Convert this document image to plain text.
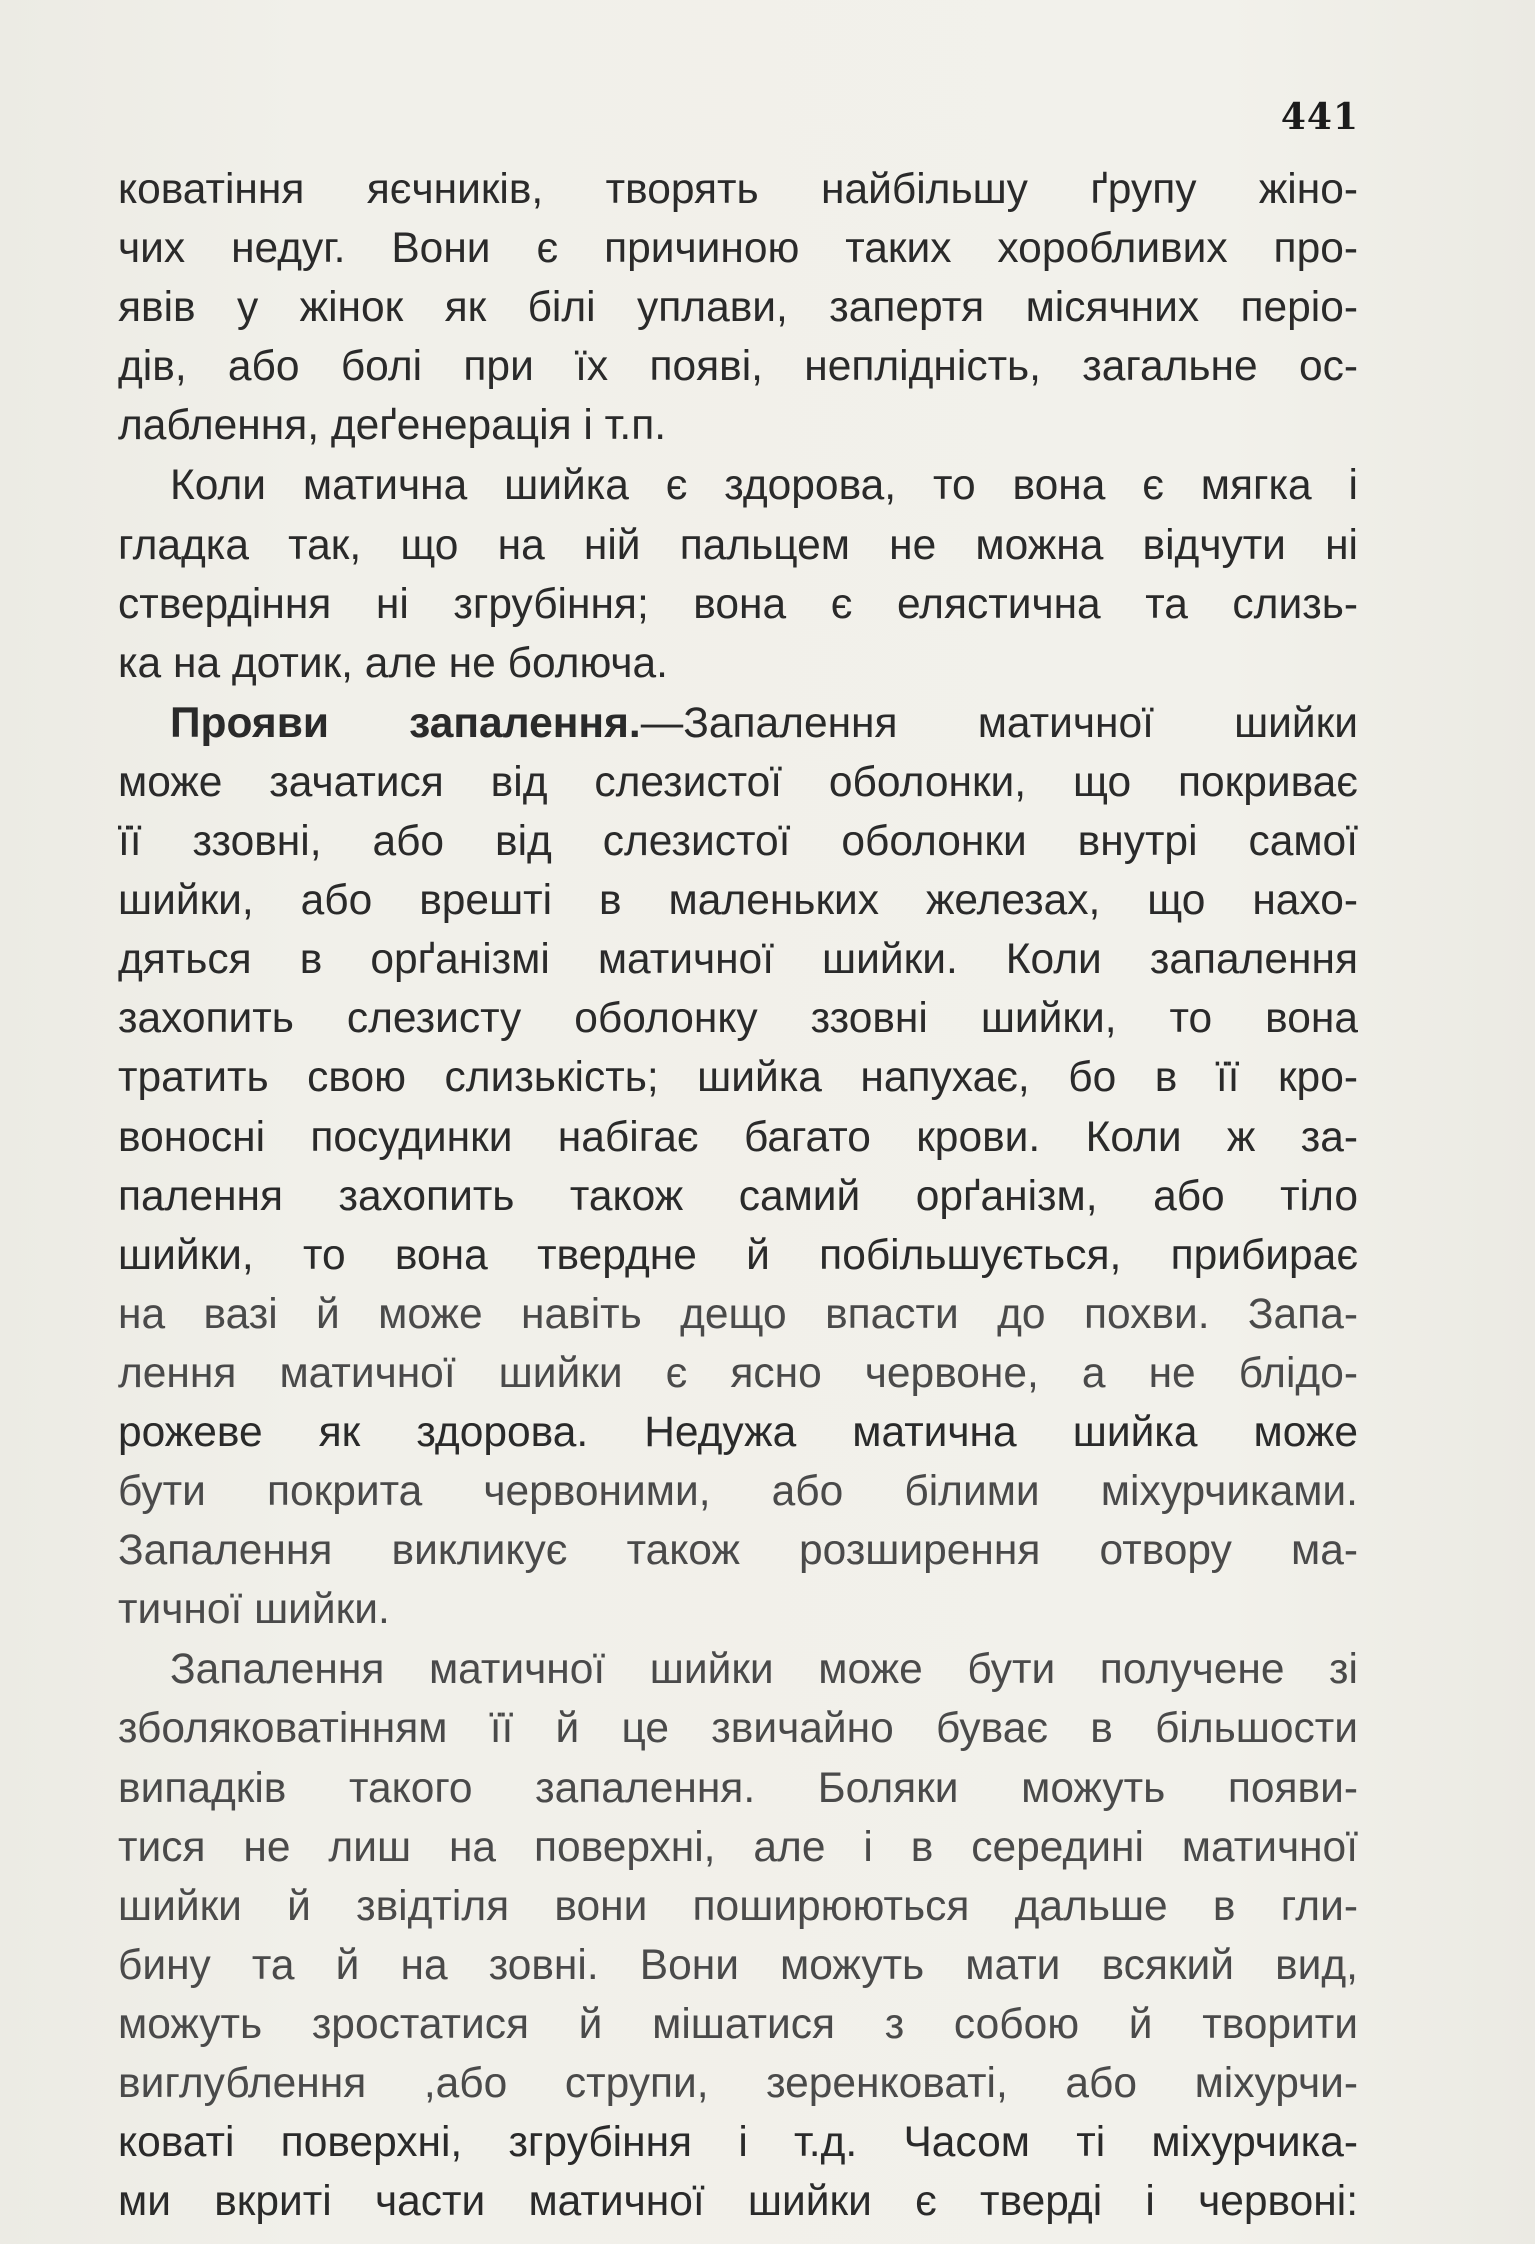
441
коватіння яєчників, творять найбільшу ґрупу жіно-
чих недуг. Вони є причиною таких хоробливих про-
явів у жінок як білі уплави, запертя місячних періо-
дів, або болі при їх появі, неплідність, загальне ос-
лаблення, деґенерація і т.п.
Коли матична шийка є здорова, то вона є мягка і
гладка так, що на ній пальцем не можна відчути ні
ствердіння ні згрубіння; вона є елястична та слизь-
ка на дотик, але не болюча.
Прояви запалення.—Запалення матичної шийки
може зачатися від слезистої оболонки, що покриває
її ззовні, або від слезистої оболонки внутрі самої
шийки, або врешті в маленьких железах, що нахо-
дяться в орґанізмі матичної шийки. Коли запалення
захопить слезисту оболонку ззовні шийки, то вона
тратить свою слизькість; шийка напухає, бо в її кро-
воносні посудинки набігає багато крови. Коли ж за-
палення захопить також самий орґанізм, або тіло
шийки, то вона твердне й побільшується, прибирає
на вазі й може навіть дещо впасти до похви. Запа-
лення матичної шийки є ясно червоне, а не блідо-
рожеве як здорова. Недужа матична шийка може
бути покрита червоними, або білими міхурчиками.
Запалення викликує також розширення отвору ма-
тичної шийки.
Запалення матичної шийки може бути получене зі
зболяковатінням її й це звичайно буває в більшости
випадків такого запалення. Боляки можуть появи-
тися не лиш на поверхні, але і в середині матичної
шийки й звідтіля вони поширюються дальше в гли-
бину та й на зовні. Вони можуть мати всякий вид,
можуть зростатися й мішатися з собою й творити
виглублення ,або струпи, зеренковаті, або міхурчи-
коваті поверхні, згрубіння і т.д. Часом ті міхурчика-
ми вкриті части матичної шийки є тверді і червоні:
